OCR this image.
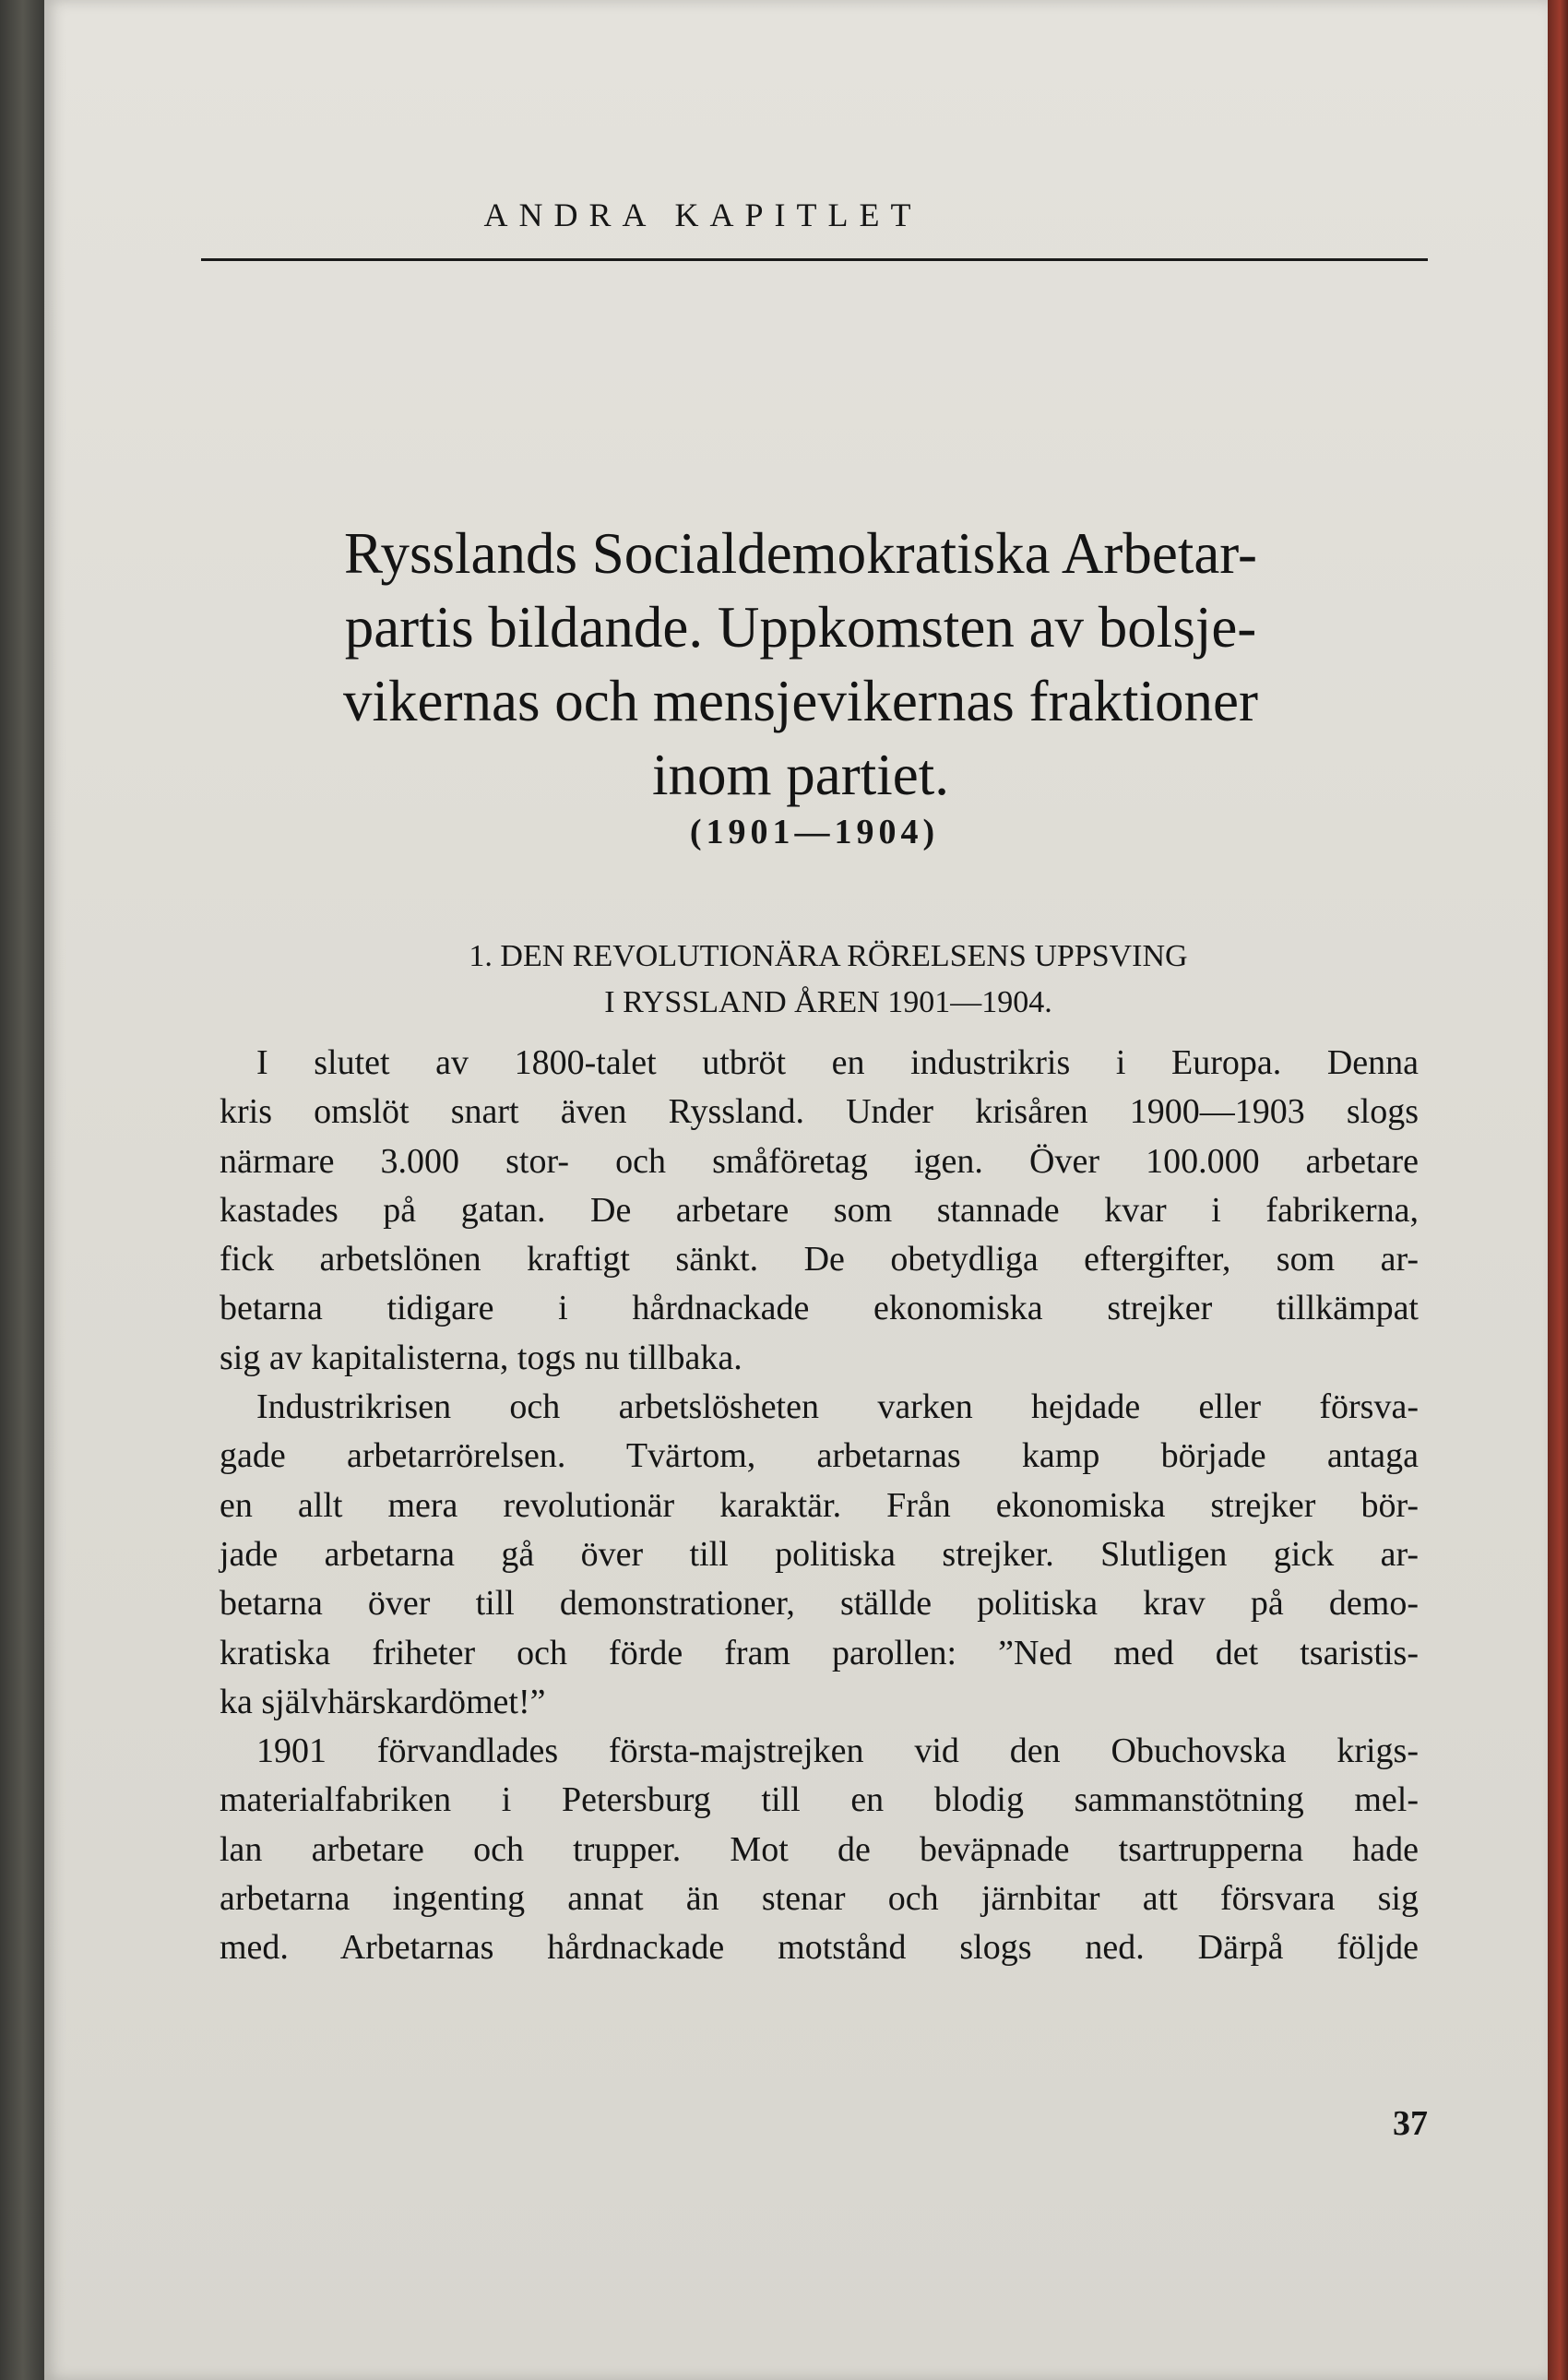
ANDRA KAPITLET
Rysslands Socialdemokratiska Arbetar-
partis bildande. Uppkomsten av bolsje-
vikernas och mensjevikernas fraktioner
inom partiet.
(1901—1904)
1. DEN REVOLUTIONÄRA RÖRELSENS UPPSVING
I RYSSLAND ÅREN 1901—1904.
I slutet av 1800-talet utbröt en industrikris i Europa. Denna
kris omslöt snart även Ryssland. Under krisåren 1900—1903 slogs
närmare 3.000 stor- och småföretag igen. Över 100.000 arbetare
kastades på gatan. De arbetare som stannade kvar i fabrikerna,
fick arbetslönen kraftigt sänkt. De obetydliga eftergifter, som ar-
betarna tidigare i hårdnackade ekonomiska strejker tillkämpat
sig av kapitalisterna, togs nu tillbaka.
Industrikrisen och arbetslösheten varken hejdade eller försva-
gade arbetarrörelsen. Tvärtom, arbetarnas kamp började antaga
en allt mera revolutionär karaktär. Från ekonomiska strejker bör-
jade arbetarna gå över till politiska strejker. Slutligen gick ar-
betarna över till demonstrationer, ställde politiska krav på demo-
kratiska friheter och förde fram parollen: ”Ned med det tsaristis-
ka självhärskardömet!”
1901 förvandlades första-majstrejken vid den Obuchovska krigs-
materialfabriken i Petersburg till en blodig sammanstötning mel-
lan arbetare och trupper. Mot de beväpnade tsartrupperna hade
arbetarna ingenting annat än stenar och järnbitar att försvara sig
med. Arbetarnas hårdnackade motstånd slogs ned. Därpå följde
37
